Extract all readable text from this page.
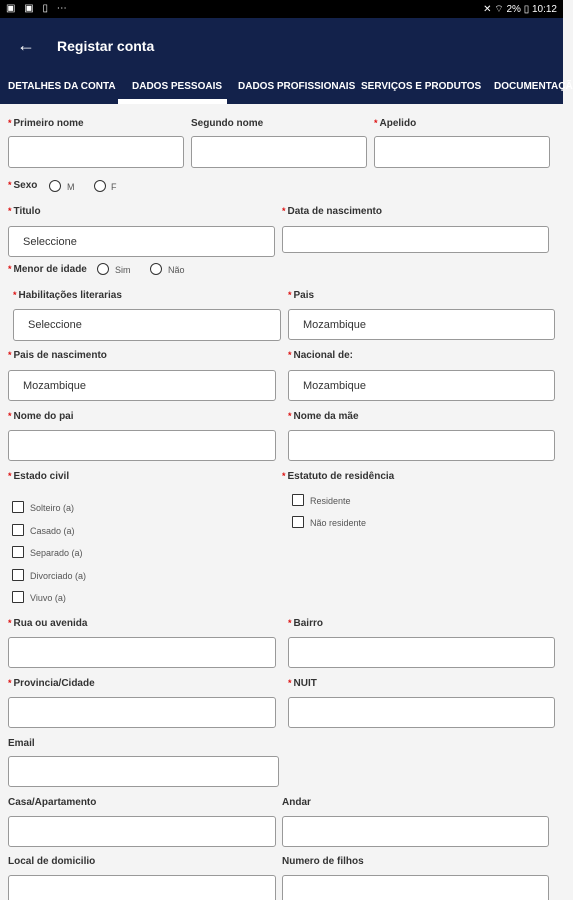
▣ ▣ ▯ ⋯	✕ ⌔ 2% ▯ 10:12
← Registar conta
DETALHES DA CONTA DADOS PESSOAIS DADOS PROFISSIONAIS SERVIÇOS E PRODUTOS DOCUMENTAÇÃ
* Primeiro nome	Segundo nome	* Apelido
* Sexo	M	F
* Titulo
Seleccione
* Data de nascimento
* Menor de idade	Sim	Não
* Habilitações literarias
Seleccione
* Pais
Mozambique
* Pais de nascimento
Mozambique
* Nacional de:
Mozambique
* Nome do pai	* Nome da mãe
* Estado civil
Solteiro (a)
Casado (a)
Separado (a)
Divorciado (a)
Viuvo (a)
* Estatuto de residência
Residente
Não residente
* Rua ou avenida	* Bairro
* Provincia/Cidade	* NUIT
Email
Casa/Apartamento	Andar
Local de domicilio	Numero de filhos
